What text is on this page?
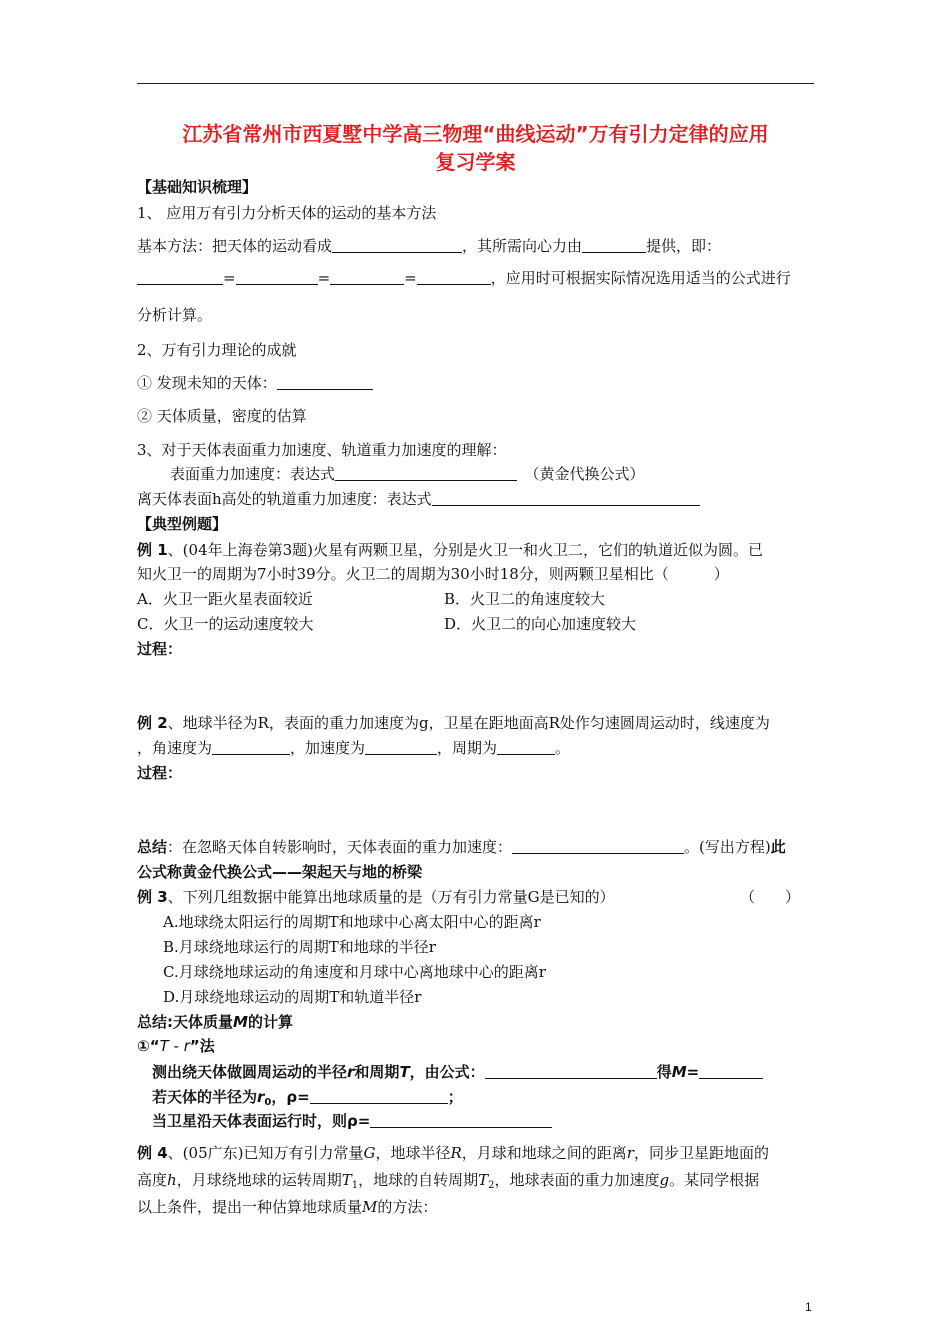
江苏省常州市西夏墅中学高三物理“曲线运动”万有引力定律的应用
复习学案
【基础知识梳理】
1、 应用万有引力分析天体的运动的基本方法
基本方法：把天体的运动看成	，其所需向心力由	提供，即：
=	=	=	，应用时可根据实际情况选用适当的公式进行
分析计算。
2、万有引力理论的成就
① 发现未知的天体：
② 天体质量，密度的估算
3、对于天体表面重力加速度、轨道重力加速度的理解：
表面重力加速度：表达式　	（黄金代换公式）
离天体表面h高处的轨道重力加速度：表达式
【典型例题】
例 1、(04年上海卷第3题)火星有两颗卫星，分别是火卫一和火卫二，它们的轨道近似为圆。已
知火卫一的周期为7小时39分。火卫二的周期为30小时18分，则两颗卫星相比（　　　）
A．火卫一距火星表面较近	B．火卫二的角速度较大
C．火卫一的运动速度较大	D．火卫二的向心加速度较大
过程：
例 2、地球半径为R，表面的重力加速度为g，卫星在距地面高R处作匀速圆周运动时，线速度为
，角速度为	，加速度为	，周期为	。
过程：
总结：在忽略天体自转影响时，天体表面的重力加速度：	。(写出方程)此
公式称黄金代换公式——架起天与地的桥梁
例 3、下列几组数据中能算出地球质量的是（万有引力常量G是已知的）	（　　）
A.地球绕太阳运行的周期T和地球中心离太阳中心的距离r
B.月球绕地球运行的周期T和地球的半径r
C.月球绕地球运动的角速度和月球中心离地球中心的距离r
D.月球绕地球运动的周期T和轨道半径r
总结:天体质量M的计算
①“T - r”法
测出绕天体做圆周运动的半径r和周期T，由公式：	得M=
若天体的半径为$r_0$，ρ=	；
当卫星沿天体表面运行时，则ρ=
例 4、(05广东)已知万有引力常量G，地球半径R，月球和地球之间的距离r，同步卫星距地面的
高度h，月球绕地球的运转周期$T_1$，地球的自转周期$T_2$，地球表面的重力加速度g。某同学根据
以上条件，提出一种估算地球质量M的方法：
1
